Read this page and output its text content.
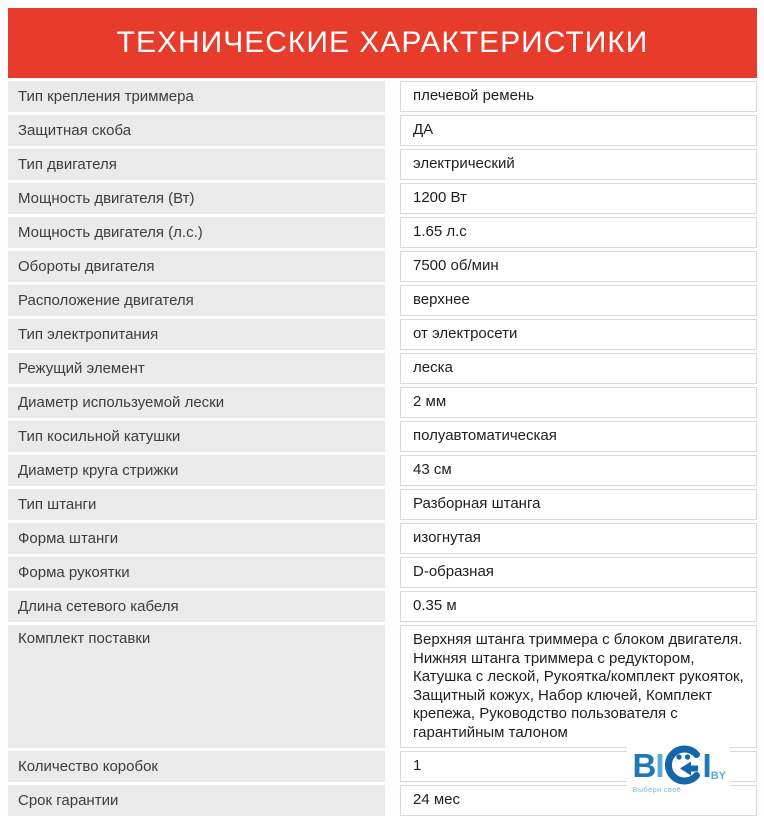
ТЕХНИЧЕСКИЕ ХАРАКТЕРИСТИКИ
Тип крепления триммера	плечевой ремень
Защитная скоба	ДА
Тип двигателя	электрический
Мощность двигателя (Вт)	1200 Вт
Мощность двигателя (л.с.)	1.65 л.с
Обороты двигателя	7500 об/мин
Расположение двигателя	верхнее
Тип электропитания	от электросети
Режущий элемент	леска
Диаметр используемой лески	2 мм
Тип косильной катушки	полуавтоматическая
Диаметр круга стрижки	43 см
Тип штанги	Разборная штанга
Форма штанги	изогнутая
Форма рукоятки	D-образная
Длина сетевого кабеля	0.35 м
Комплект поставки	Верхняя штанга триммера с блоком двигателя. Нижняя штанга триммера с редуктором, Катушка с леской, Рукоятка/комплект рукояток, Защитный кожух, Набор ключей, Комплект крепежа, Руководство пользователя с гарантийным талоном
Количество коробок	1
Срок гарантии	24 мес
B I I BY
Выбери своё
